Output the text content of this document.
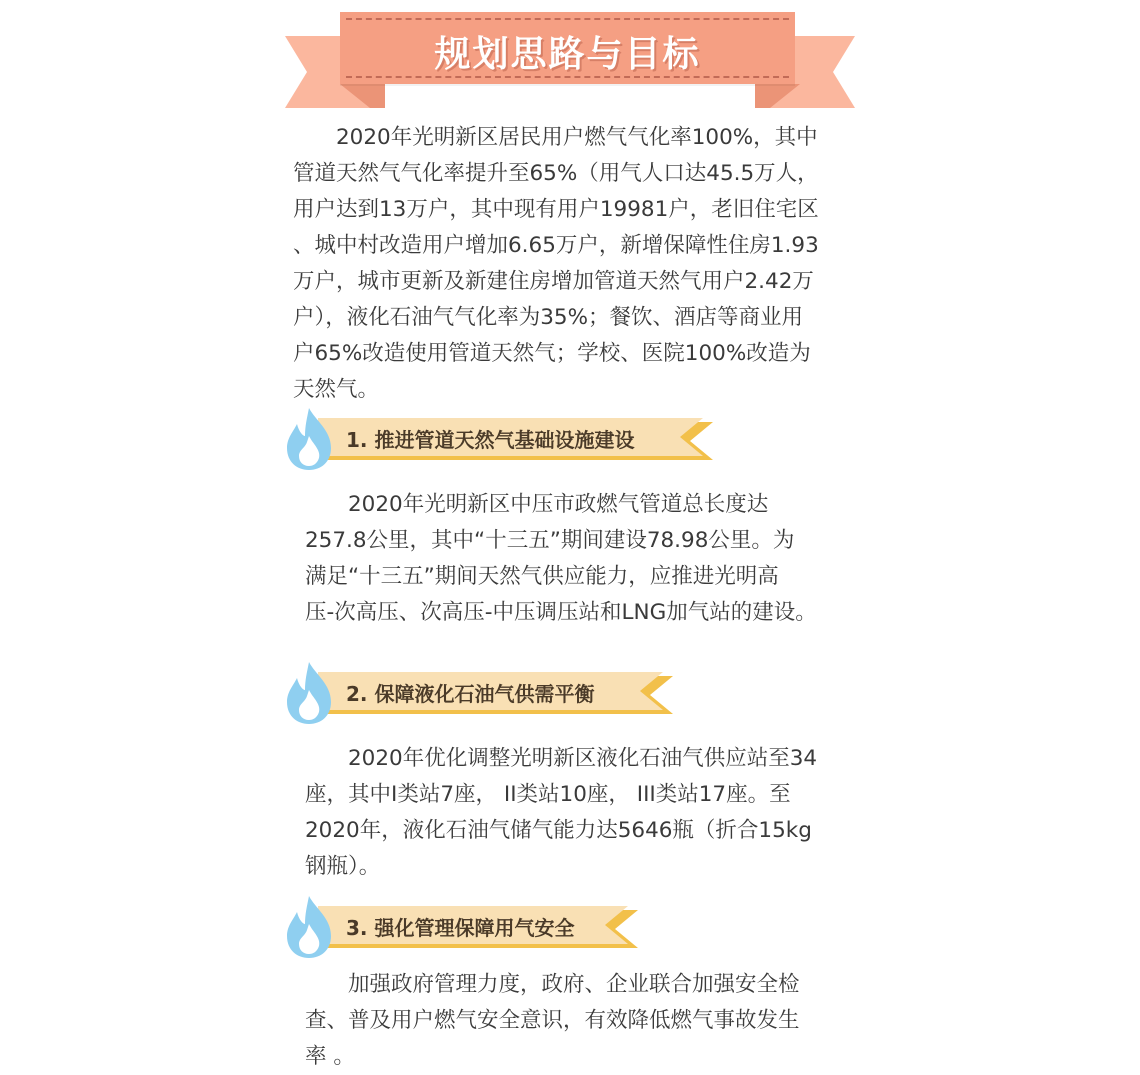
规划思路与目标
　　2020年光明新区居民用户燃气气化率100%，其中
管道天然气气化率提升至65%（用气人口达45.5万人，
用户达到13万户，其中现有用户19981户，老旧住宅区
、城中村改造用户增加6.65万户，新增保障性住房1.93
万户，城市更新及新建住房增加管道天然气用户2.42万
户），液化石油气气化率为35%；餐饮、酒店等商业用
户65%改造使用管道天然气；学校、医院100%改造为
天然气。
1. 推进管道天然气基础设施建设
　　2020年光明新区中压市政燃气管道总长度达
257.8公里，其中“十三五”期间建设78.98公里。为
满足“十三五”期间天然气供应能力，应推进光明高
压-次高压、次高压-中压调压站和LNG加气站的建设。
2. 保障液化石油气供需平衡
　　2020年优化调整光明新区液化石油气供应站至34
座，其中I类站7座， II类站10座， III类站17座。至
2020年，液化石油气储气能力达5646瓶（折合15kg
钢瓶）。
3. 强化管理保障用气安全
　　加强政府管理力度，政府、企业联合加强安全检
查、普及用户燃气安全意识，有效降低燃气事故发生
率 。
